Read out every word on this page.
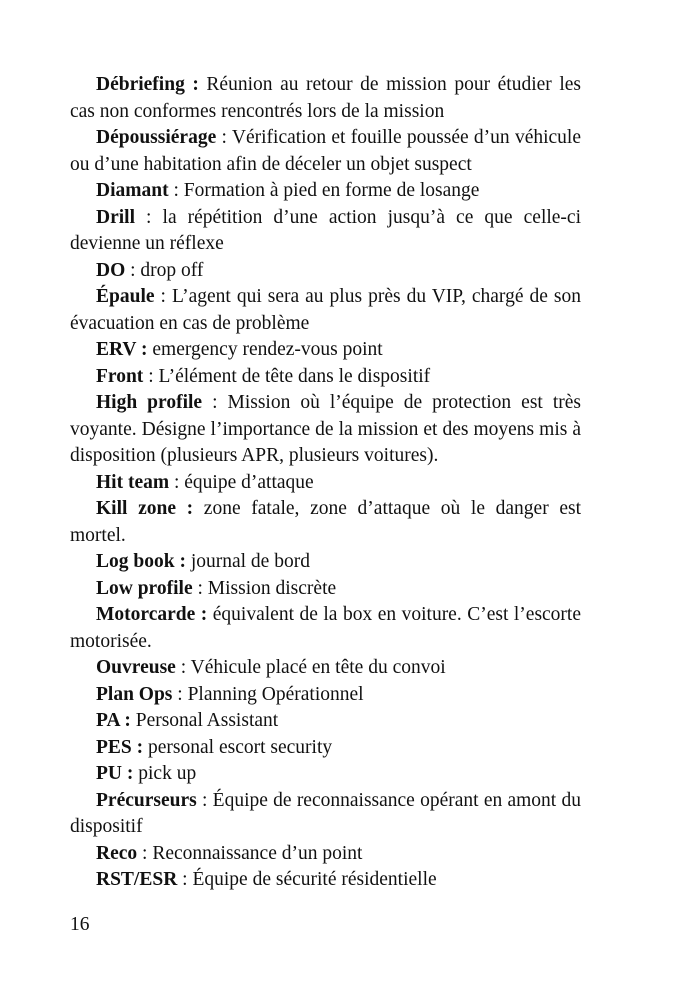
Débriefing : Réunion au retour de mission pour étudier les cas non conformes rencontrés lors de la mission

Dépoussiérage : Vérification et fouille poussée d’un véhicule ou d’une habitation afin de déceler un objet suspect

Diamant : Formation à pied en forme de losange

Drill : la répétition d’une action jusqu’à ce que celle-ci devienne un réflexe

DO : drop off

Épaule : L’agent qui sera au plus près du VIP, chargé de son évacuation en cas de problème

ERV : emergency rendez-vous point

Front : L’élément de tête dans le dispositif

High profile : Mission où l’équipe de protection est très voyante. Désigne l’importance de la mission et des moyens mis à disposition (plusieurs APR, plusieurs voitures).

Hit team : équipe d’attaque

Kill zone : zone fatale, zone d’attaque où le danger est mortel.

Log book : journal de bord

Low profile : Mission discrète

Motorcarde : équivalent de la box en voiture. C’est l’escorte motorisée.

Ouvreuse : Véhicule placé en tête du convoi

Plan Ops : Planning Opérationnel

PA : Personal Assistant

PES : personal escort security

PU : pick up

Précurseurs : Équipe de reconnaissance opérant en amont du dispositif

Reco : Reconnaissance d’un point

RST/ESR : Équipe de sécurité résidentielle

16
